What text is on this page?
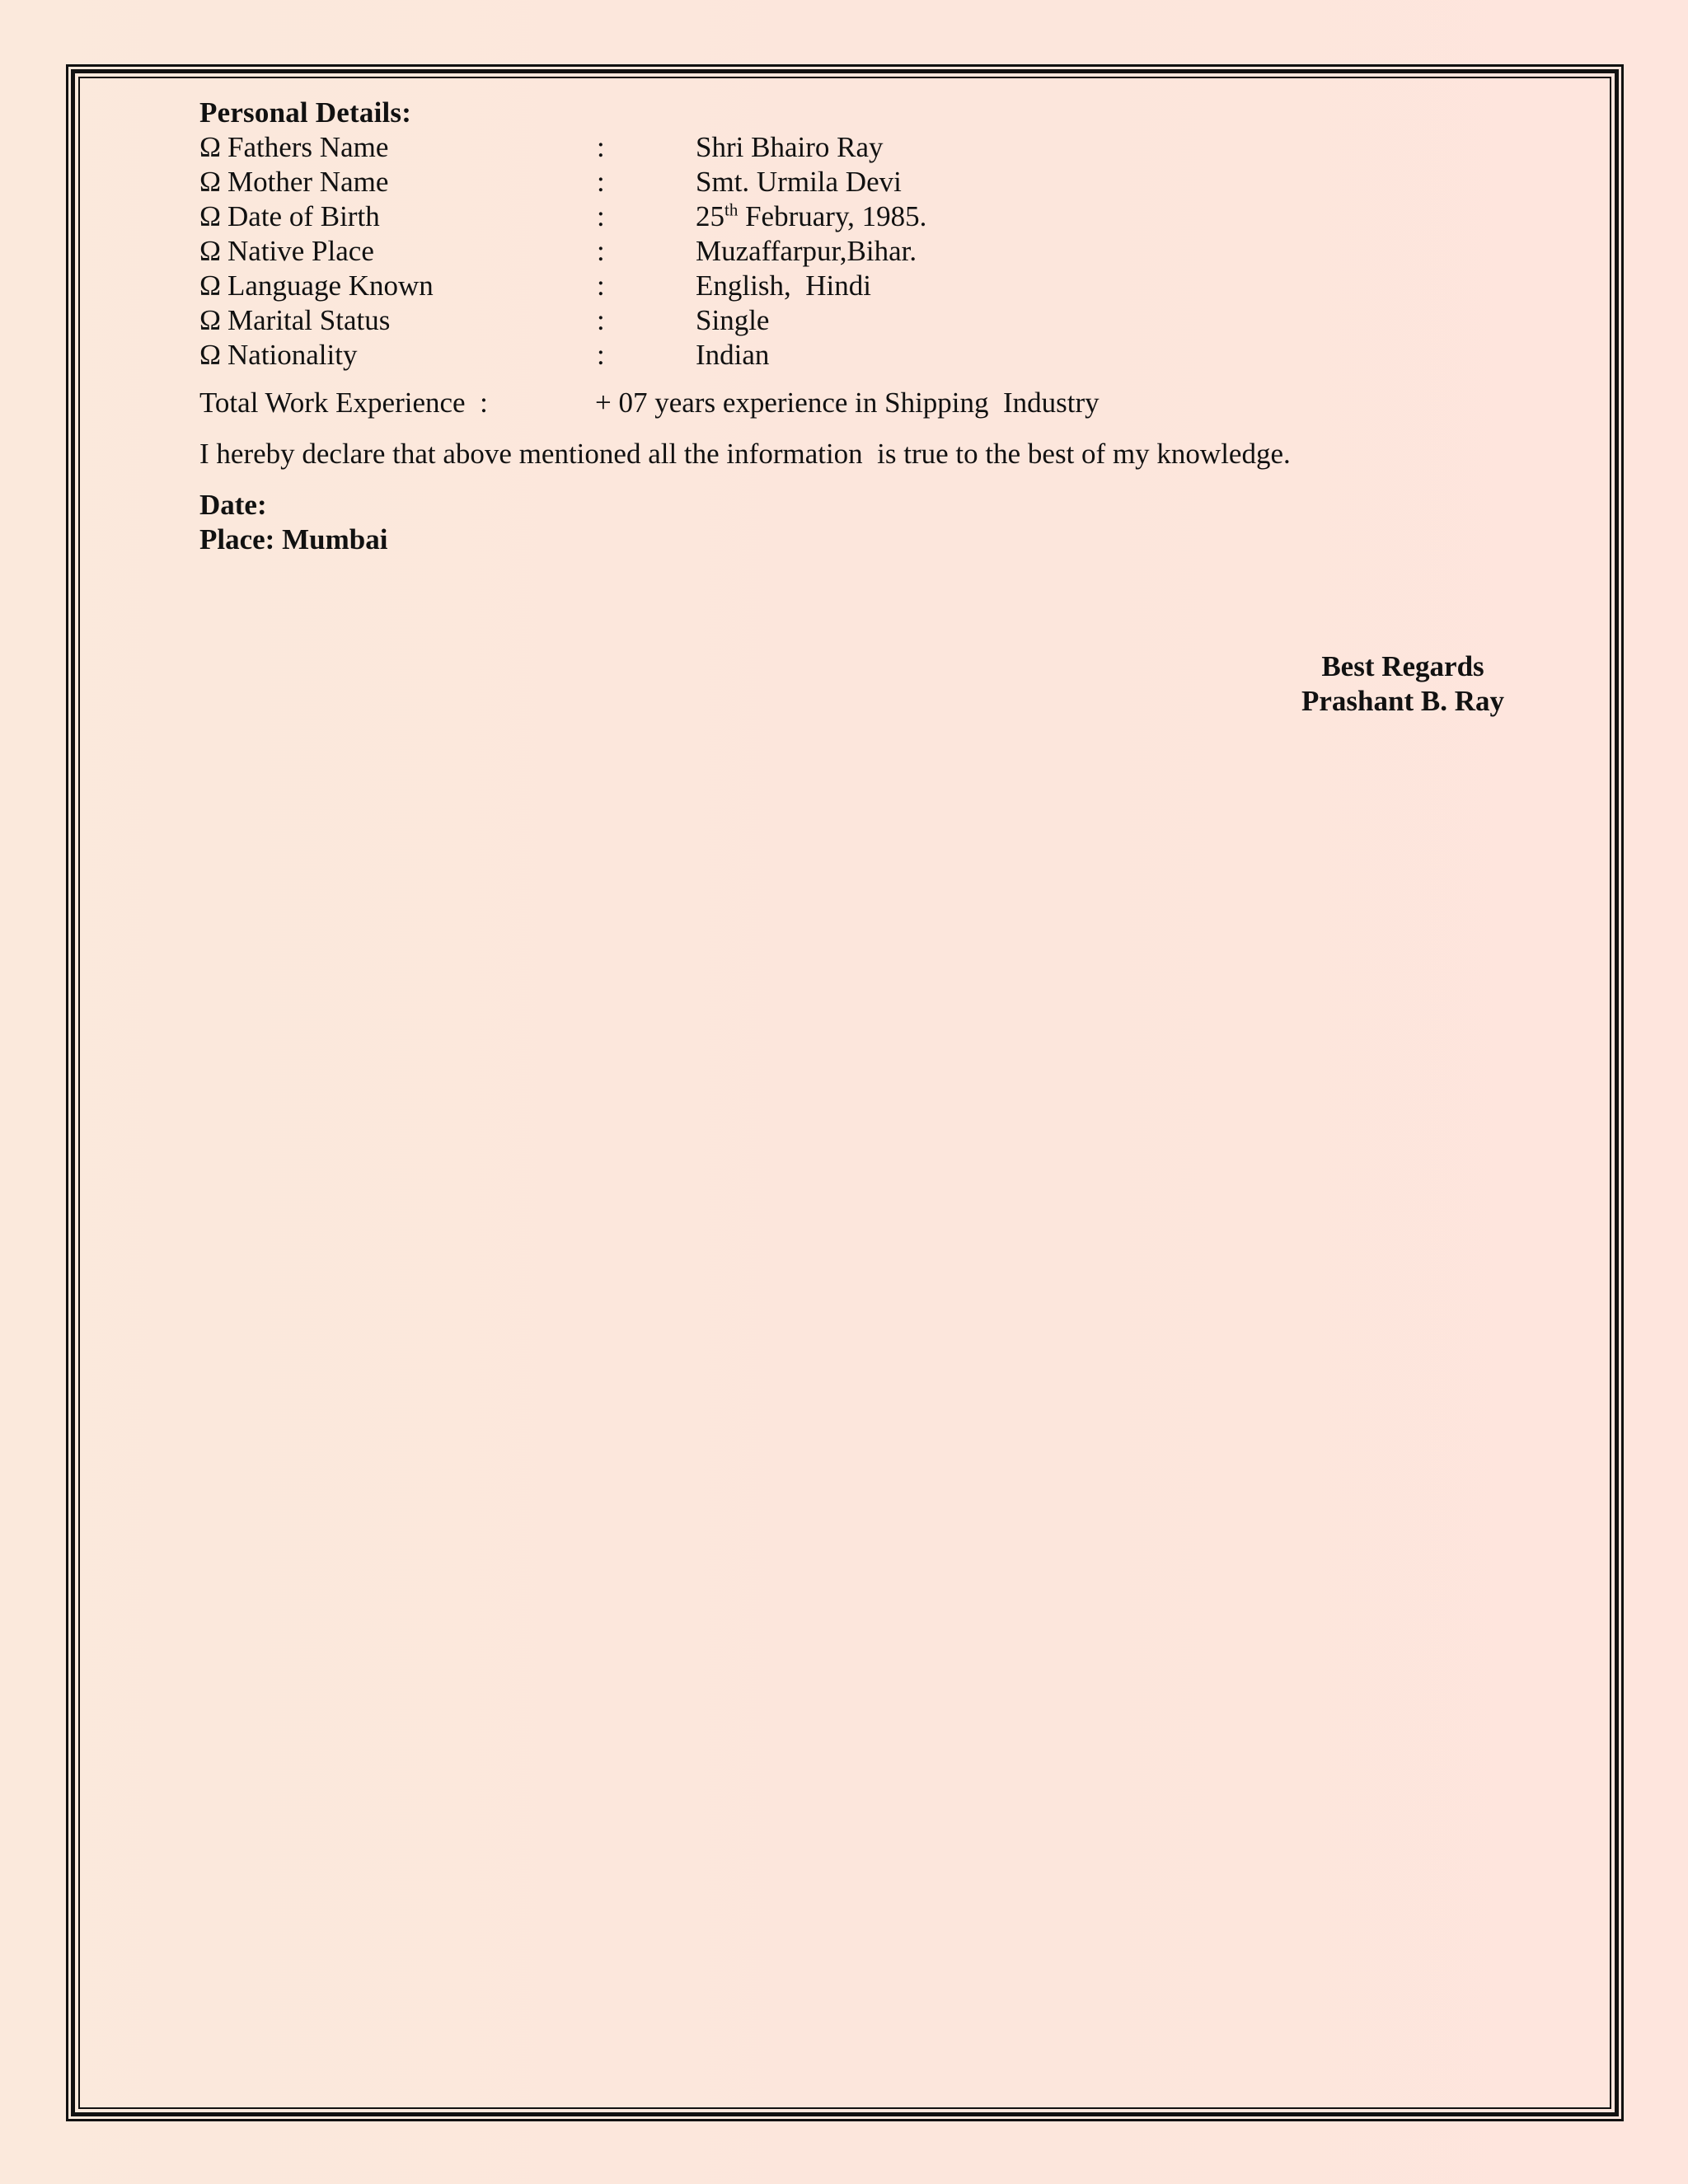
Personal Details:
Ω Fathers Name	:	Shri Bhairo Ray
Ω Mother Name	:	Smt. Urmila Devi
Ω Date of Birth	:	25th February, 1985.
Ω Native Place	:	Muzaffarpur,Bihar.
Ω Language Known	:	English,  Hindi
Ω Marital Status	:	Single
Ω Nationality	:	Indian
Total Work Experience  :	+ 07 years experience in Shipping  Industry
I hereby declare that above mentioned all the information  is true to the best of my knowledge.
Date:
Place: Mumbai
Best Regards
Prashant B. Ray
